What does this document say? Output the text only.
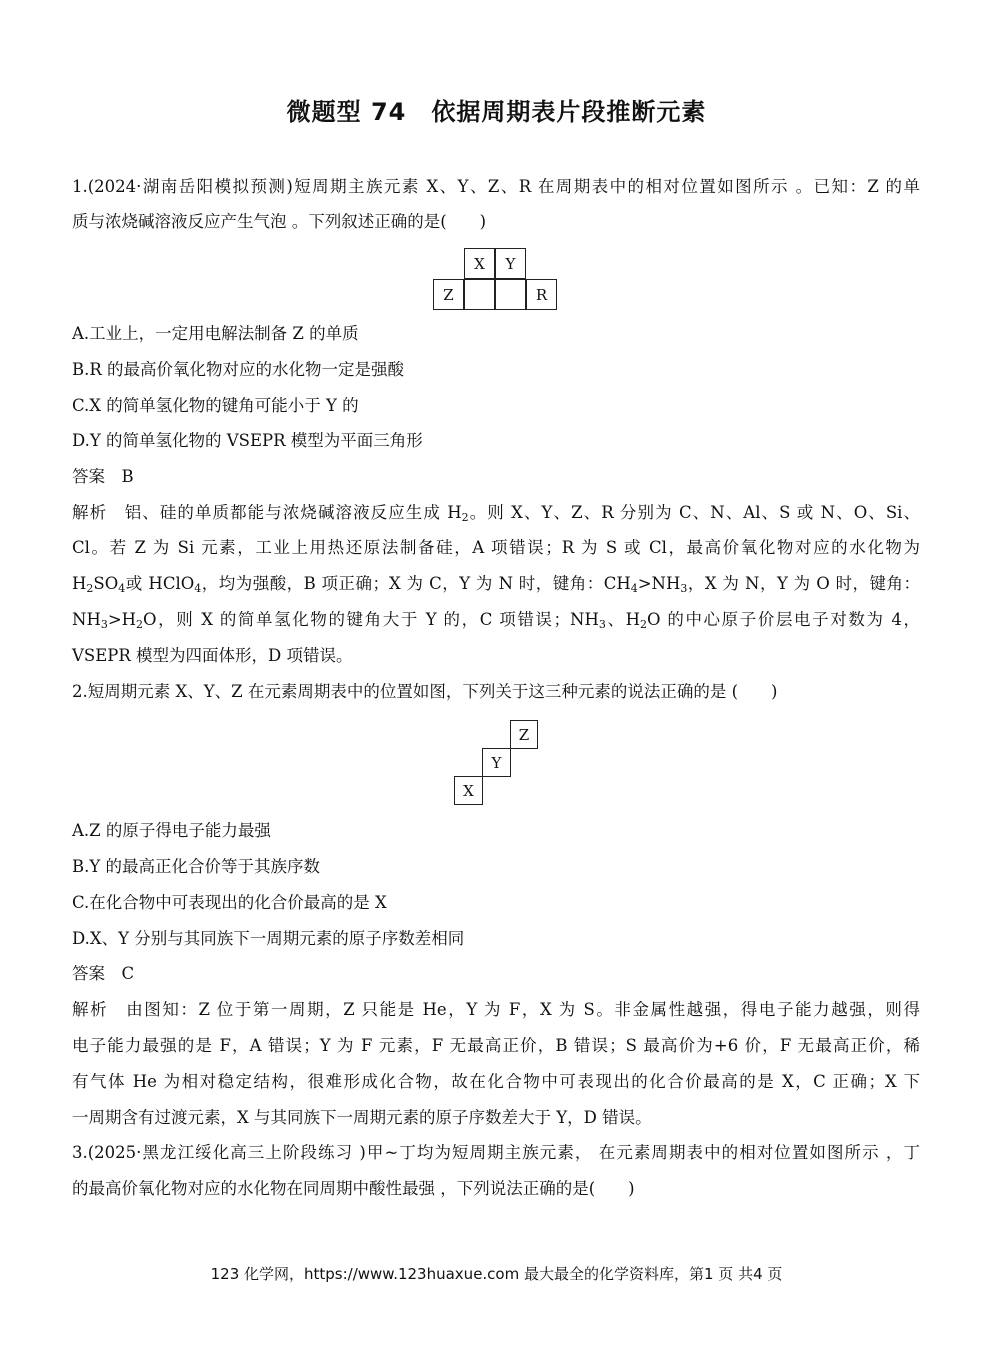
微题型 74　依据周期表片段推断元素
1.(2024·湖南岳阳模拟预测)短周期主族元素 X、Y、Z、R 在周期表中的相对位置如图所示 。已知：Z 的单
质与浓烧碱溶液反应产生气泡 。下列叙述正确的是(　　)
X	Y
Z	R
A.工业上，一定用电解法制备 Z 的单质
B.R 的最高价氧化物对应的水化物一定是强酸
C.X 的简单氢化物的键角可能小于 Y 的
D.Y 的简单氢化物的 VSEPR 模型为平面三角形
答案　B
解析　铝、硅的单质都能与浓烧碱溶液反应生成 $H_2$。则 X、Y、Z、R 分别为 C、N、Al、S 或 N、O、Si、
Cl。若 Z 为 Si 元素，工业上用热还原法制备硅，A 项错误；R 为 S 或 Cl，最高价氧化物对应的水化物为
$H_2SO_4$或 HClO$_4$，均为强酸，B 项正确；X 为 C，Y 为 N 时，键角：$CH_4>NH_3$，X 为 N，Y 为 O 时，键角：
$NH_3>H_2O$，则 X 的简单氢化物的键角大于 Y 的，C 项错误；$NH_3$、$H_2O$ 的中心原子价层电子对数为 4，
VSEPR 模型为四面体形，D 项错误。
2.短周期元素 X、Y、Z 在元素周期表中的位置如图，下列关于这三种元素的说法正确的是 (　　)
Z
Y
X
A.Z 的原子得电子能力最强
B.Y 的最高正化合价等于其族序数
C.在化合物中可表现出的化合价最高的是 X
D.X、Y 分别与其同族下一周期元素的原子序数差相同
答案　C
解析　由图知：Z 位于第一周期，Z 只能是 He，Y 为 F，X 为 S。非金属性越强，得电子能力越强，则得
电子能力最强的是 F，A 错误；Y 为 F 元素，F 无最高正价，B 错误；S 最高价为+6 价，F 无最高正价，稀
有气体 He 为相对稳定结构，很难形成化合物，故在化合物中可表现出的化合价最高的是 X，C 正确；X 下
一周期含有过渡元素，X 与其同族下一周期元素的原子序数差大于 Y，D 错误。
3.(2025·黑龙江绥化高三上阶段练习 )甲~丁均为短周期主族元素， 在元素周期表中的相对位置如图所示 ，丁
的最高价氧化物对应的水化物在同周期中酸性最强 ，下列说法正确的是(　　)
123 化学网，https://www.123huaxue.com 最大最全的化学资料库，第1 页 共4 页
